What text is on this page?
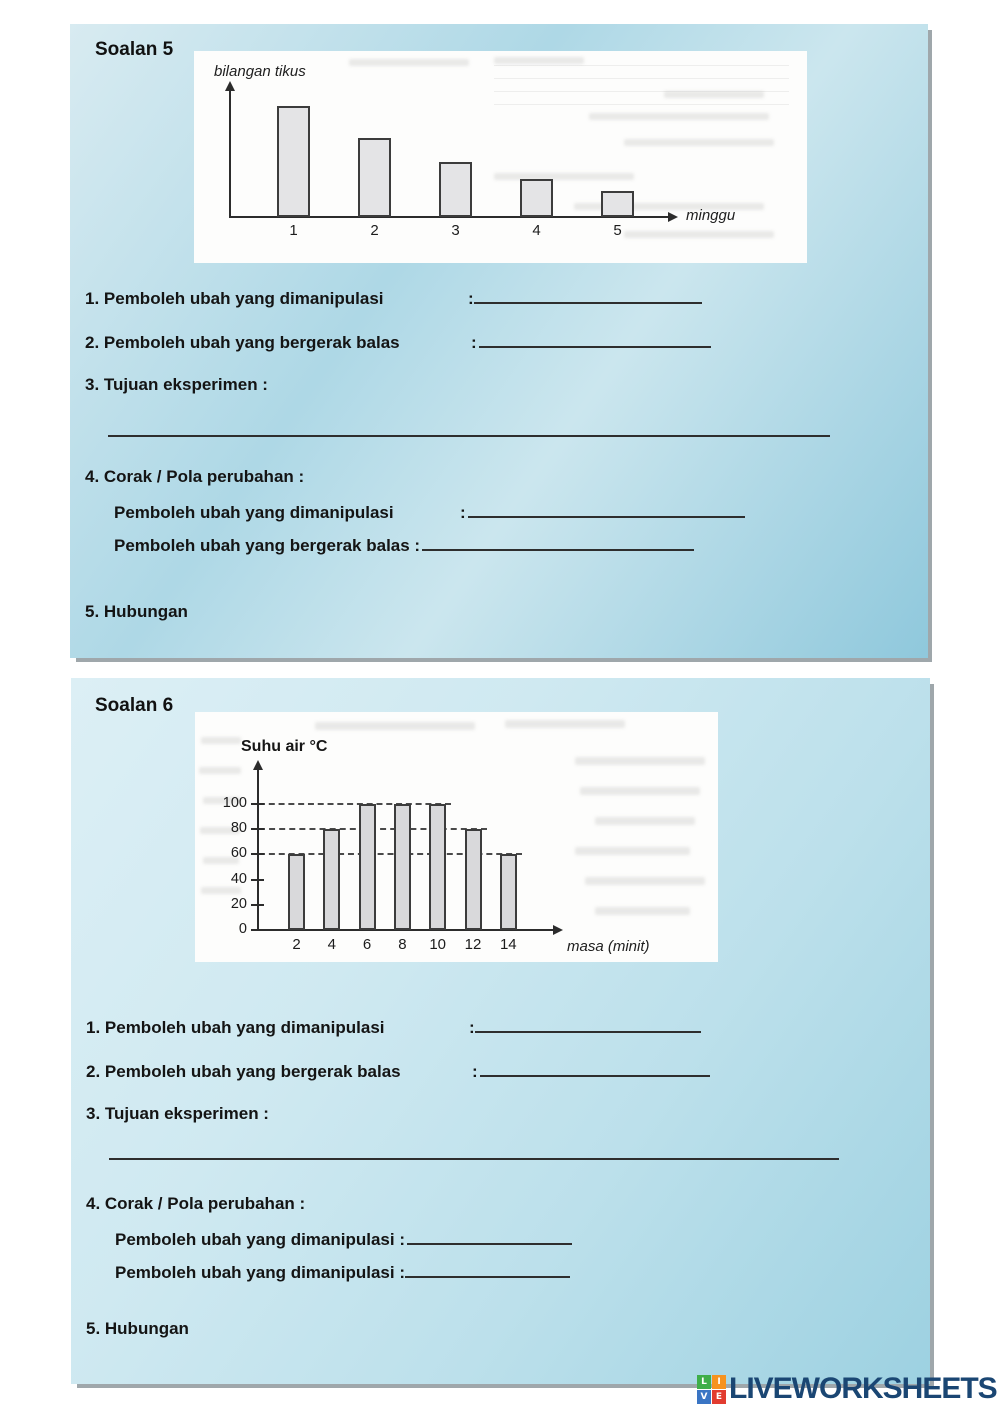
Soalan 5
bilangan tikus
minggu
1	2	3	4	5
1. Pemboleh ubah yang dimanipulasi	:
2. Pemboleh ubah yang bergerak balas	:
3. Tujuan eksperimen :
4. Corak / Pola perubahan :
Pemboleh ubah yang dimanipulasi	:
Pemboleh ubah yang bergerak balas :
5. Hubungan
Soalan 6
Suhu air °C
masa (minit)
0
20
40
60
80
100
2	4	6	8	10	12	14
1. Pemboleh ubah yang dimanipulasi	:
2. Pemboleh ubah yang bergerak balas	:
3. Tujuan eksperimen :
4. Corak / Pola perubahan :
Pemboleh ubah yang dimanipulasi :
Pemboleh ubah yang dimanipulasi :
5. Hubungan
L	I
V E LIVEWORKSHEETS
